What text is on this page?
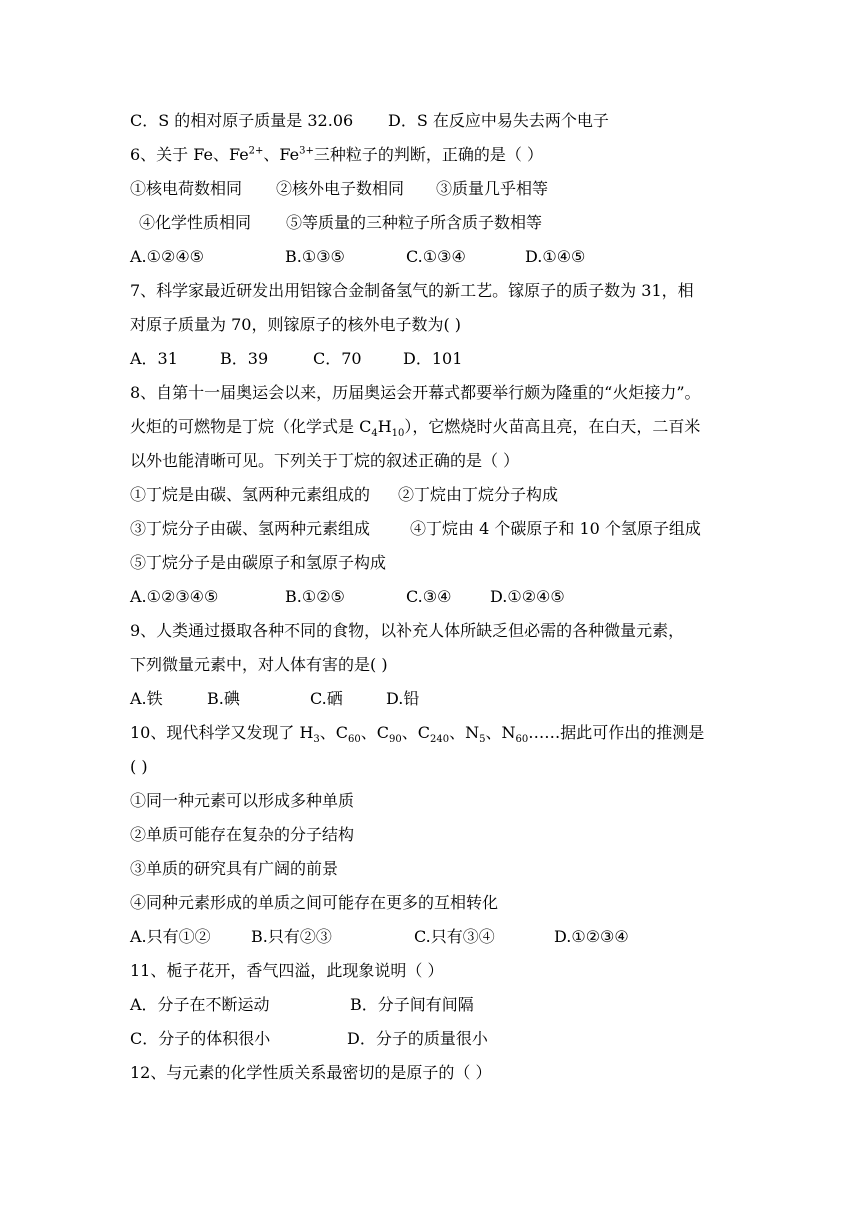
C．S 的相对原子质量是 32.06 D．S 在反应中易失去两个电子
6、关于 Fe、$Fe^{2+}$、$Fe^{3+}$三种粒子的判断，正确的是（ ）
①核电荷数相同 ②核外电子数相同 ③质量几乎相等
④化学性质相同 ⑤等质量的三种粒子所含质子数相等
A.①②④⑤	B.①③⑤	C.①③④	D.①④⑤
7、科学家最近研发出用铝镓合金制备氢气的新工艺。镓原子的质子数为 31，相
对原子质量为 70，则镓原子的核外电子数为( )
A．31	B．39	C．70	D．101
8、自第十一届奥运会以来，历届奥运会开幕式都要举行颇为隆重的“火炬接力”。
火炬的可燃物是丁烷（化学式是 $C_4H_{10}$），它燃烧时火苗高且亮，在白天，二百米
以外也能清晰可见。下列关于丁烷的叙述正确的是（ ）
①丁烷是由碳、氢两种元素组成的 ②丁烷由丁烷分子构成
③丁烷分子由碳、氢两种元素组成 ④丁烷由 4 个碳原子和 10 个氢原子组成
⑤丁烷分子是由碳原子和氢原子构成
A.①②③④⑤	B.①②⑤	C.③④ D.①②④⑤
9、人类通过摄取各种不同的食物，以补充人体所缺乏但必需的各种微量元素，
下列微量元素中，对人体有害的是( )
A.铁	B.碘	C.硒	D.铅
10、现代科学又发现了 $H_3$、$C_{60}$、$C_{90}$、$C_{240}$、$N_5$、$N_{60}\dots\dots$据此可作出的推测是
( )
①同一种元素可以形成多种单质
②单质可能存在复杂的分子结构
③单质的研究具有广阔的前景
④同种元素形成的单质之间可能存在更多的互相转化
A.只有①②	B.只有②③	C.只有③④	D.①②③④
11、栀子花开，香气四溢，此现象说明（ ）
A．分子在不断运动	B．分子间有间隔
C．分子的体积很小	D．分子的质量很小
12、与元素的化学性质关系最密切的是原子的（ ）
